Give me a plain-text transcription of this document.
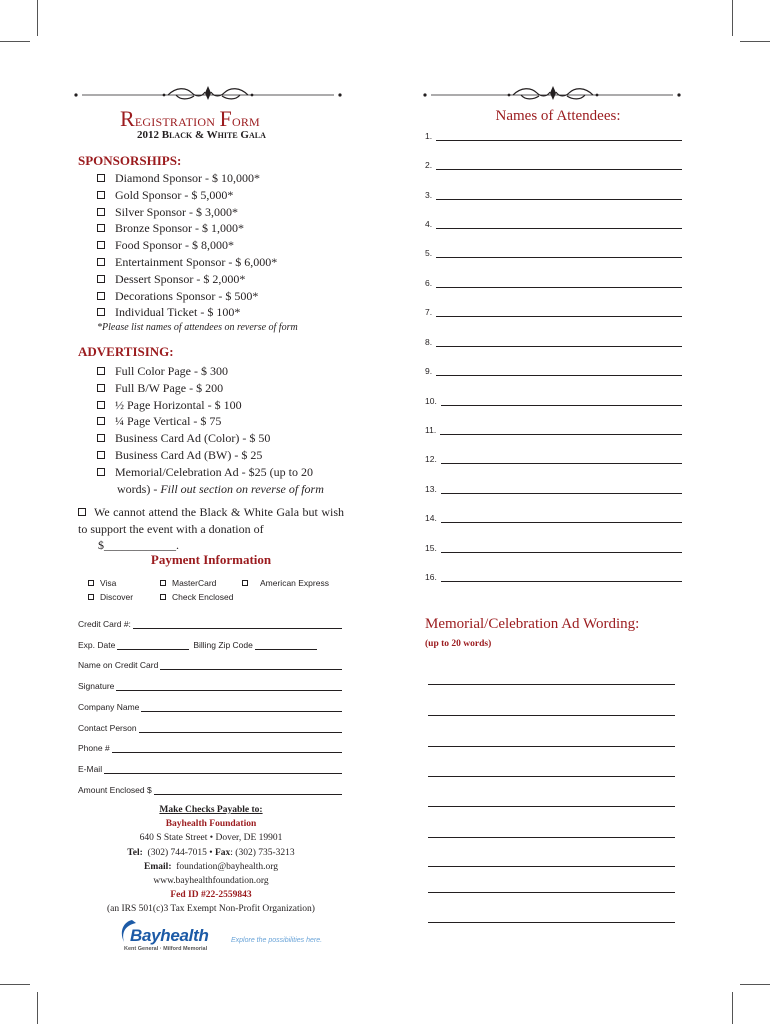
Registration Form
2012 Black & White Gala
SPONSORSHIPS:
Diamond Sponsor - $ 10,000*
Gold Sponsor - $ 5,000*
Silver Sponsor - $ 3,000*
Bronze Sponsor - $ 1,000*
Food Sponsor - $ 8,000*
Entertainment Sponsor - $ 6,000*
Dessert Sponsor - $ 2,000*
Decorations Sponsor - $ 500*
Individual Ticket - $ 100*
*Please list names of attendees on reverse of form
ADVERTISING:
Full Color Page - $ 300
Full B/W Page - $ 200
½ Page Horizontal - $ 100
¼ Page Vertical - $ 75
Business Card Ad (Color) - $ 50
Business Card Ad (BW) - $ 25
Memorial/Celebration Ad - $25 (up to 20
words) - Fill out section on reverse of form
We cannot attend the Black & White Gala but wish to support the event with a donation of
$____________.
Payment Information
Visa	MasterCard	American Express
Discover	Check Enclosed
Credit Card #:
Exp. Date	Billing Zip Code
Name on Credit Card
Signature
Company Name
Contact Person
Phone #
E-Mail
Amount Enclosed $
Make Checks Payable to:
Bayhealth Foundation
640 S State Street • Dover, DE 19901
Tel: (302) 744-7015 • Fax: (302) 735-3213
Email: foundation@bayhealth.org
www.bayhealthfoundation.org
Fed ID #22-2559843
(an IRS 501(c)3 Tax Exempt Non-Profit Organization)
Bayhealth
Kent General · Milford Memorial
Explore the possibilities here.
Names of Attendees:
1.
2.
3.
4.
5.
6.
7.
8.
9.
10.
11.
12.
13.
14.
15.
16.
Memorial/Celebration Ad Wording:
(up to 20 words)
